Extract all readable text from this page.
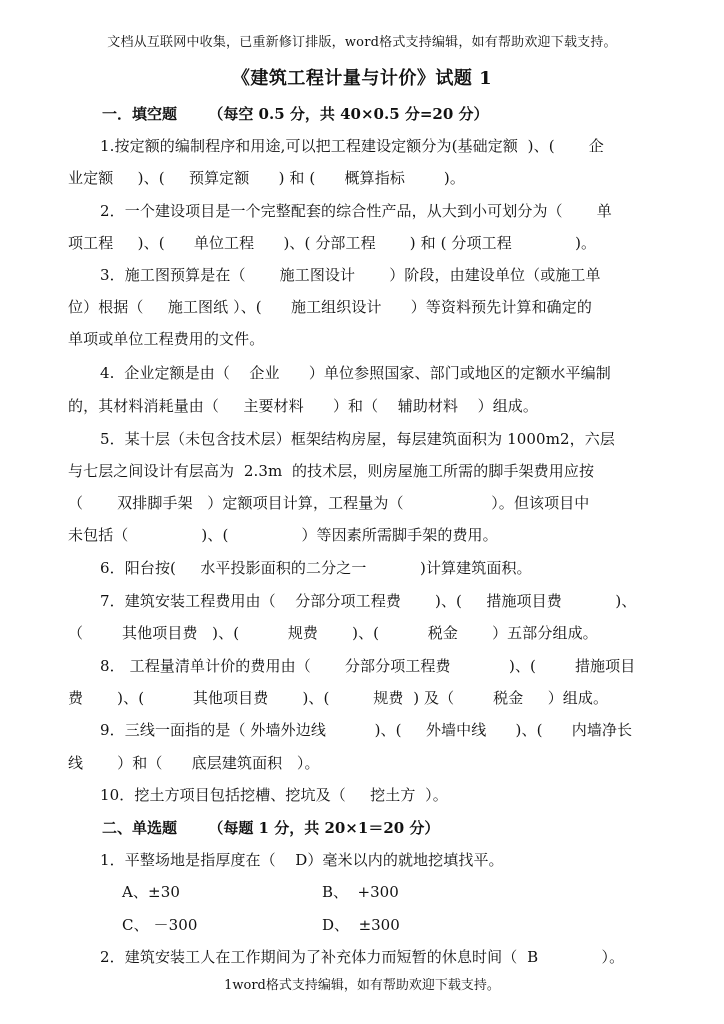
文档从互联网中收集，已重新修订排版，word格式支持编辑，如有帮助欢迎下载支持。
《建筑工程计量与计价》试题 1
一．填空题      （每空 0.5 分，共 40×0.5 分=20 分）
1.按定额的编制程序和用途,可以把工程建设定额分为(基础定额  )、(       企
业定额     )、(     预算定额      ) 和 (      概算指标        )。
2．一个建设项目是一个完整配套的综合性产品，从大到小可划分为（       单
项工程     )、(      单位工程      )、( 分部工程       ) 和 ( 分项工程             )。
3．施工图预算是在（       施工图设计       ）阶段，由建设单位（或施工单
位）根据（     施工图纸 ）、(      施工组织设计      ）等资料预先计算和确定的
单项或单位工程费用的文件。
4.  企业定额是由（    企业      ）单位参照国家、部门或地区的定额水平编制
的，其材料消耗量由（     主要材料      ）和（    辅助材料    ）组成。
5．某十层（未包含技术层）框架结构房屋，每层建筑面积为 1000m2，六层
与七层之间设计有层高为  2.3m  的技术层，则房屋施工所需的脚手架费用应按
（       双排脚手架   ）定额项目计算，工程量为（                  ）。但该项目中
未包括（               )、(               ）等因素所需脚手架的费用。
6．阳台按(     水平投影面积的二分之一           )计算建筑面积。
7．建筑安装工程费用由（    分部分项工程费       )、(     措施项目费           )、
（        其他项目费   )、(          规费       )、(          税金       ）五部分组成。
8． 工程量清单计价的费用由（       分部分项工程费            )、(        措施项目
费       )、(          其他项目费       )、(         规费  ) 及（        税金     ）组成。
9．三线一面指的是（ 外墙外边线          )、(     外墙中线      )、(      内墙净长
线       ）和（      底层建筑面积   ）。
10．挖土方项目包括挖槽、挖坑及（     挖土方  ）。
二、单选题      （每题 1 分，共 20×1＝20 分）
1．平整场地是指厚度在（    D）毫米以内的就地挖填找平。
A、±30	B、  +300
C、 －300	D、  ±300
2．建筑安装工人在工作期间为了补充体力而短暂的休息时间（  B             ）。
1word格式支持编辑，如有帮助欢迎下载支持。
